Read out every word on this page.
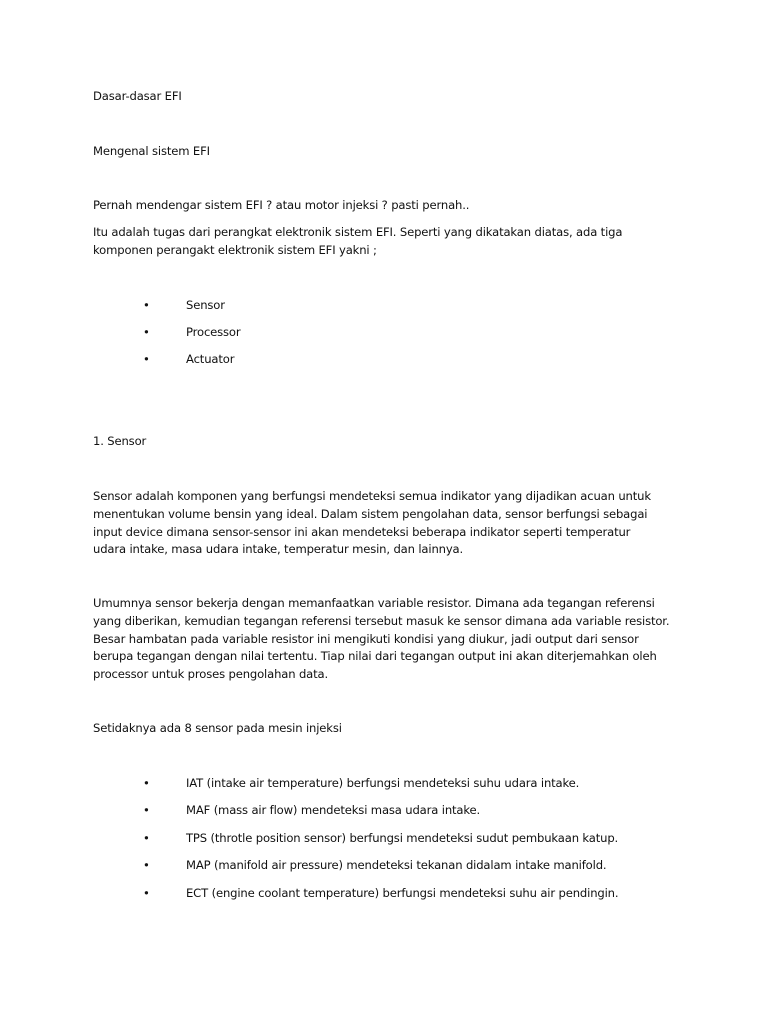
Dasar-dasar EFI

Mengenal sistem EFI

Pernah mendengar sistem EFI ? atau motor injeksi ? pasti pernah..

Itu adalah tugas dari perangkat elektronik sistem EFI. Seperti yang dikatakan diatas, ada tiga
komponen perangakt elektronik sistem EFI yakni ;

•	Sensor
•	Processor
•	Actuator

1. Sensor

Sensor adalah komponen yang berfungsi mendeteksi semua indikator yang dijadikan acuan untuk
menentukan volume bensin yang ideal. Dalam sistem pengolahan data, sensor berfungsi sebagai
input device dimana sensor-sensor ini akan mendeteksi beberapa indikator seperti temperatur
udara intake, masa udara intake, temperatur mesin, dan lainnya.

Umumnya sensor bekerja dengan memanfaatkan variable resistor. Dimana ada tegangan referensi
yang diberikan, kemudian tegangan referensi tersebut masuk ke sensor dimana ada variable resistor.
Besar hambatan pada variable resistor ini mengikuti kondisi yang diukur, jadi output dari sensor
berupa tegangan dengan nilai tertentu. Tiap nilai dari tegangan output ini akan diterjemahkan oleh
processor untuk proses pengolahan data.

Setidaknya ada 8 sensor pada mesin injeksi

•	IAT (intake air temperature) berfungsi mendeteksi suhu udara intake.
•	MAF (mass air flow) mendeteksi masa udara intake.
•	TPS (throtle position sensor) berfungsi mendeteksi sudut pembukaan katup.
•	MAP (manifold air pressure) mendeteksi tekanan didalam intake manifold.
•	ECT (engine coolant temperature) berfungsi mendeteksi suhu air pendingin.
